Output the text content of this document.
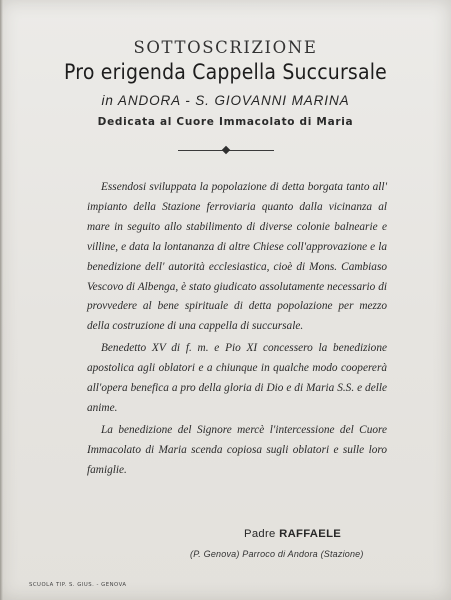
SOTTOSCRIZIONE
Pro erigenda Cappella Succursale
in ANDORA - S. GIOVANNI MARINA
Dedicata al Cuore Immacolato di Maria

Essendosi sviluppata la popolazione di detta borgata tanto all' impianto della Stazione ferroviaria quanto dalla vicinanza al mare in seguito allo stabilimento di diverse colonie balnearie e villine, e data la lontananza di altre Chiese coll'approvazione e la benedizione dell' autorità ecclesiastica, cioè di Mons. Cambiaso Vescovo di Albenga, è stato giudicato assolutamente necessario di provvedere al bene spirituale di detta popolazione per mezzo della costruzione di una cappella di succursale.

Benedetto XV di f. m. e Pio XI concessero la benedizione apostolica agli oblatori e a chiunque in qualche modo coopererà all'opera benefica a pro della gloria di Dio e di Maria S.S. e delle anime.

La benedizione del Signore mercè l'intercessione del Cuore Immacolato di Maria scenda copiosa sugli oblatori e sulle loro famiglie.

Padre RAFFAELE
(P. Genova) Parroco di Andora (Stazione)
SCUOLA TIP. S. GIUS. - GENOVA
